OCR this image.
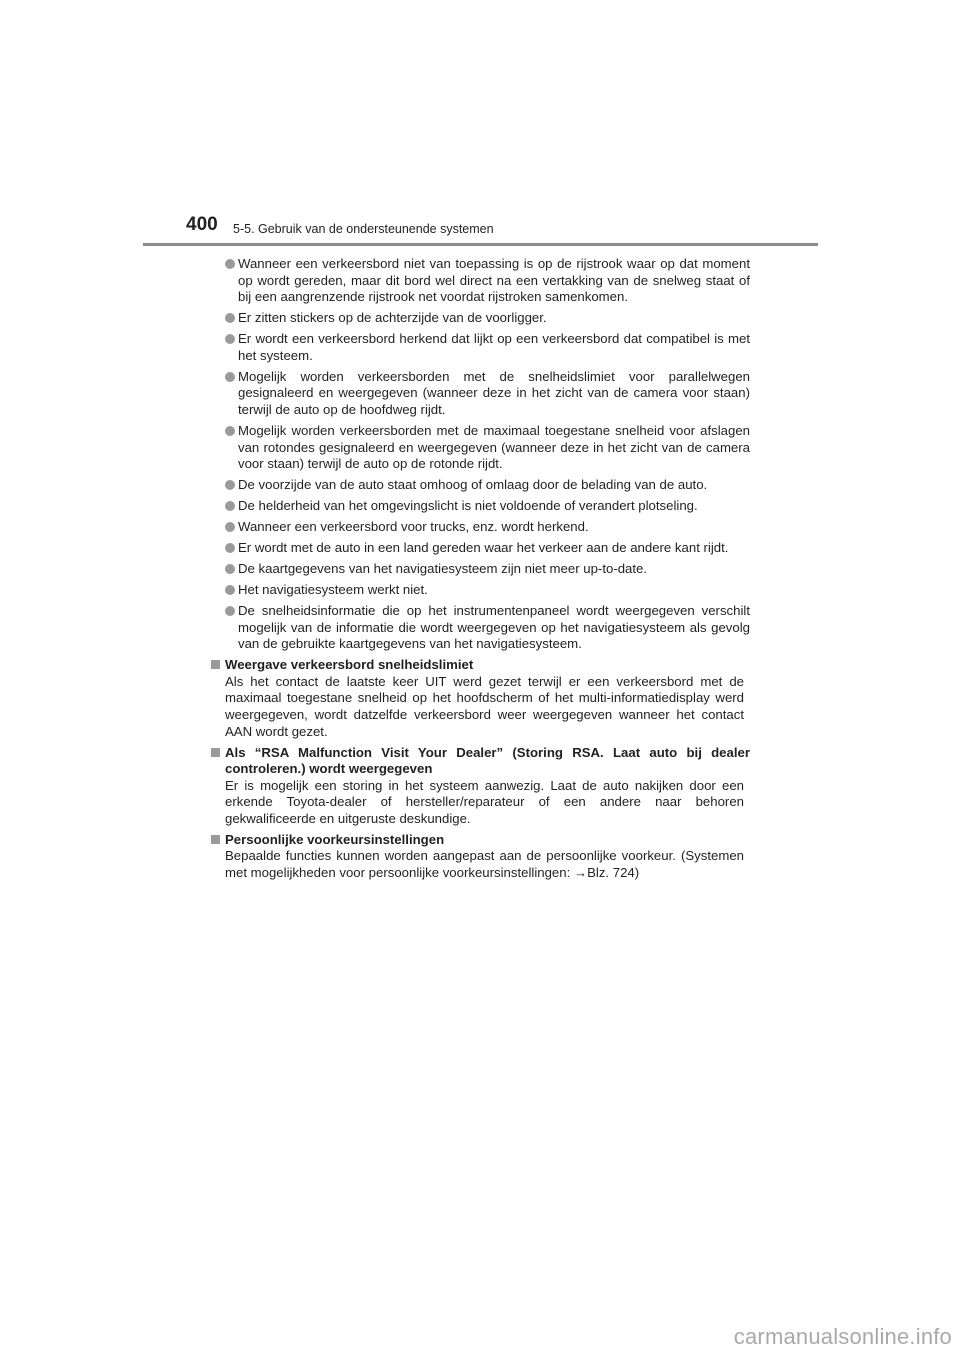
400 5-5. Gebruik van de ondersteunende systemen
Wanneer een verkeersbord niet van toepassing is op de rijstrook waar op dat moment op wordt gereden, maar dit bord wel direct na een vertakking van de snelweg staat of bij een aangrenzende rijstrook net voordat rijstroken samenkomen.
Er zitten stickers op de achterzijde van de voorligger.
Er wordt een verkeersbord herkend dat lijkt op een verkeersbord dat compatibel is met het systeem.
Mogelijk worden verkeersborden met de snelheidslimiet voor parallelwegen gesignaleerd en weergegeven (wanneer deze in het zicht van de camera voor staan) terwijl de auto op de hoofdweg rijdt.
Mogelijk worden verkeersborden met de maximaal toegestane snelheid voor afslagen van rotondes gesignaleerd en weergegeven (wanneer deze in het zicht van de camera voor staan) terwijl de auto op de rotonde rijdt.
De voorzijde van de auto staat omhoog of omlaag door de belading van de auto.
De helderheid van het omgevingslicht is niet voldoende of verandert plotseling.
Wanneer een verkeersbord voor trucks, enz. wordt herkend.
Er wordt met de auto in een land gereden waar het verkeer aan de andere kant rijdt.
De kaartgegevens van het navigatiesysteem zijn niet meer up-to-date.
Het navigatiesysteem werkt niet.
De snelheidsinformatie die op het instrumentenpaneel wordt weergegeven verschilt mogelijk van de informatie die wordt weergegeven op het navigatiesysteem als gevolg van de gebruikte kaartgegevens van het navigatiesysteem.
Weergave verkeersbord snelheidslimiet
Als het contact de laatste keer UIT werd gezet terwijl er een verkeersbord met de maximaal toegestane snelheid op het hoofdscherm of het multi-informatiedisplay werd weergegeven, wordt datzelfde verkeersbord weer weergegeven wanneer het contact AAN wordt gezet.
Als “RSA Malfunction Visit Your Dealer” (Storing RSA. Laat auto bij dealer controleren.) wordt weergegeven
Er is mogelijk een storing in het systeem aanwezig. Laat de auto nakijken door een erkende Toyota-dealer of hersteller/reparateur of een andere naar behoren gekwalificeerde en uitgeruste deskundige.
Persoonlijke voorkeursinstellingen
Bepaalde functies kunnen worden aangepast aan de persoonlijke voorkeur. (Systemen met mogelijkheden voor persoonlijke voorkeursinstellingen: →Blz. 724)
carmanualsonline.info
